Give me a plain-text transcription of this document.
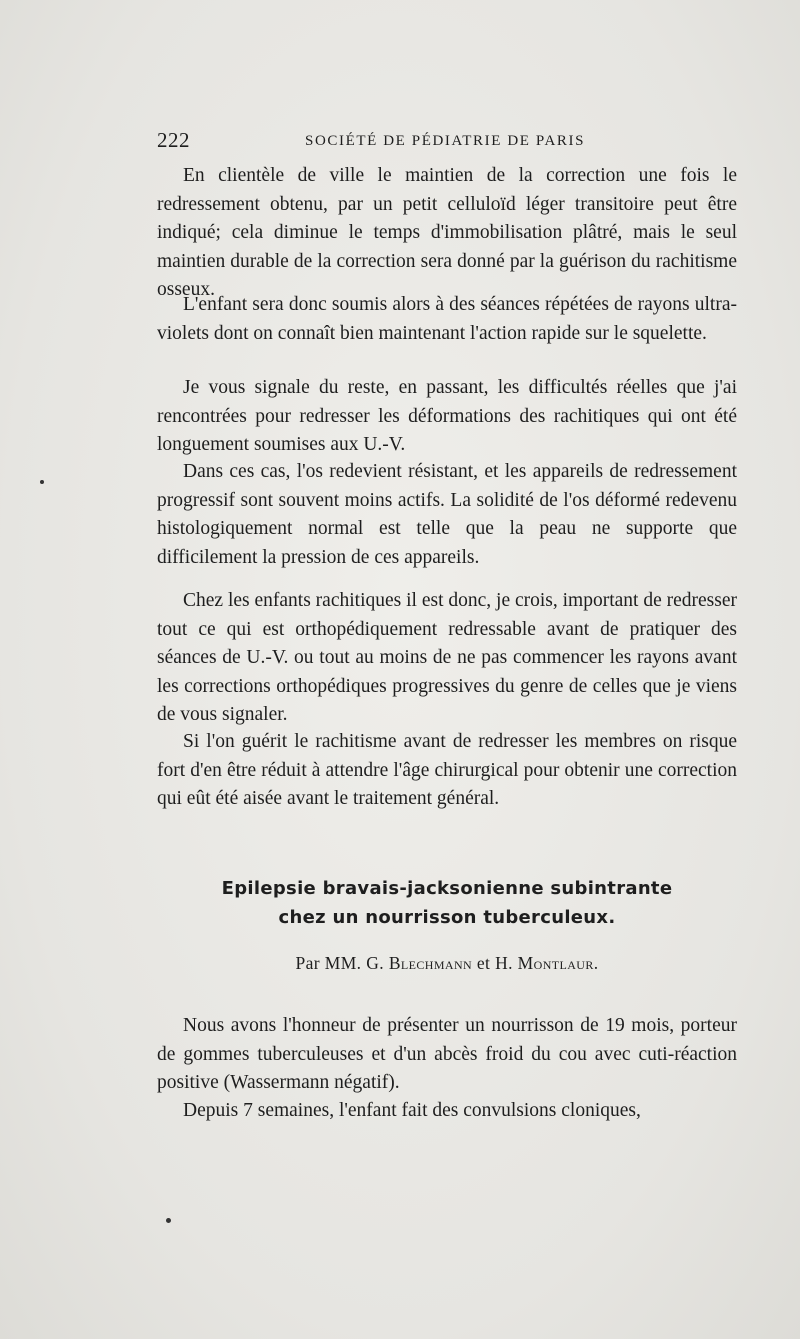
222	SOCIÉTÉ DE PÉDIATRIE DE PARIS

En clientèle de ville le maintien de la correction une fois le redressement obtenu, par un petit celluloïd léger transitoire peut être indiqué; cela diminue le temps d'immobilisation plâtré, mais le seul maintien durable de la correction sera donné par la guérison du rachitisme osseux.

L'enfant sera donc soumis alors à des séances répétées de rayons ultra-violets dont on connaît bien maintenant l'action rapide sur le squelette.

Je vous signale du reste, en passant, les difficultés réelles que j'ai rencontrées pour redresser les déformations des rachitiques qui ont été longuement soumises aux U.-V.

Dans ces cas, l'os redevient résistant, et les appareils de redressement progressif sont souvent moins actifs. La solidité de l'os déformé redevenu histologiquement normal est telle que la peau ne supporte que difficilement la pression de ces appareils.

Chez les enfants rachitiques il est donc, je crois, important de redresser tout ce qui est orthopédiquement redressable avant de pratiquer des séances de U.-V. ou tout au moins de ne pas commencer les rayons avant les corrections orthopédiques progressives du genre de celles que je viens de vous signaler.

Si l'on guérit le rachitisme avant de redresser les membres on risque fort d'en être réduit à attendre l'âge chirurgical pour obtenir une correction qui eût été aisée avant le traitement général.

Epilepsie bravais-jacksonienne subintrante
chez un nourrisson tuberculeux.
Par MM. G. Blechmann et H. Montlaur.

Nous avons l'honneur de présenter un nourrisson de 19 mois, porteur de gommes tuberculeuses et d'un abcès froid du cou avec cuti-réaction positive (Wassermann négatif).

Depuis 7 semaines, l'enfant fait des convulsions cloniques,
